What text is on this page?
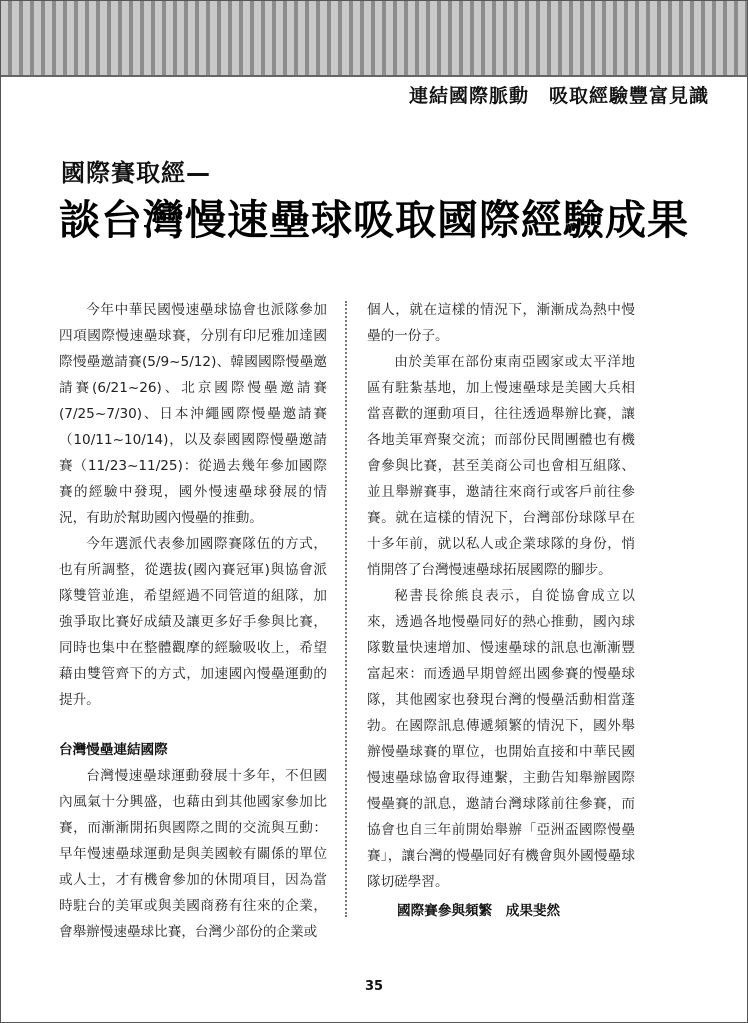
連結國際脈動　吸取經驗豐富見識
國際賽取經—
談台灣慢速壘球吸取國際經驗成果

今年中華民國慢速壘球協會也派隊參加四項國際慢速壘球賽，分別有印尼雅加達國際慢壘邀請賽(5/9~5/12)、韓國國際慢壘邀請賽(6/21~26)、北京國際慢壘邀請賽(7/25~7/30)、日本沖繩國際慢壘邀請賽（10/11~10/14)，以及泰國國際慢壘邀請賽（11/23~11/25)：從過去幾年參加國際賽的經驗中發現，國外慢速壘球發展的情況，有助於幫助國內慢壘的推動。

今年選派代表參加國際賽隊伍的方式，也有所調整，從選拔(國內賽冠軍)與協會派隊雙管並進，希望經過不同管道的組隊，加強爭取比賽好成績及讓更多好手參與比賽，同時也集中在整體觀摩的經驗吸收上，希望藉由雙管齊下的方式，加速國內慢壘運動的提升。

台灣慢壘連結國際

台灣慢速壘球運動發展十多年，不但國內風氣十分興盛，也藉由到其他國家參加比賽，而漸漸開拓與國際之間的交流與互動：早年慢速壘球運動是與美國較有關係的單位或人士，才有機會參加的休閒項目，因為當時駐台的美軍或與美國商務有往來的企業，會舉辦慢速壘球比賽，台灣少部份的企業或

個人，就在這樣的情況下，漸漸成為熱中慢壘的一份子。

由於美軍在部份東南亞國家或太平洋地區有駐紮基地，加上慢速壘球是美國大兵相當喜歡的運動項目，往往透過舉辦比賽，讓各地美軍齊聚交流；而部份民間團體也有機會參與比賽，甚至美商公司也會相互組隊、並且舉辦賽事，邀請往來商行或客戶前往參賽。就在這樣的情況下，台灣部份球隊早在十多年前，就以私人或企業球隊的身份，悄悄開啓了台灣慢速壘球拓展國際的腳步。

秘書長徐熊良表示，自從協會成立以來，透過各地慢壘同好的熱心推動，國內球隊數量快速增加、慢速壘球的訊息也漸漸豐富起來：而透過早期曾經出國參賽的慢壘球隊，其他國家也發現台灣的慢壘活動相當蓬勃。在國際訊息傳遞頻繁的情況下，國外舉辦慢壘球賽的單位，也開始直接和中華民國慢速壘球協會取得連繫，主動告知舉辦國際慢壘賽的訊息，邀請台灣球隊前往參賽，而協會也自三年前開始舉辦「亞洲盃國際慢壘賽」，讓台灣的慢壘同好有機會與外國慢壘球隊切磋學習。

國際賽參與頻繁　成果斐然
35
